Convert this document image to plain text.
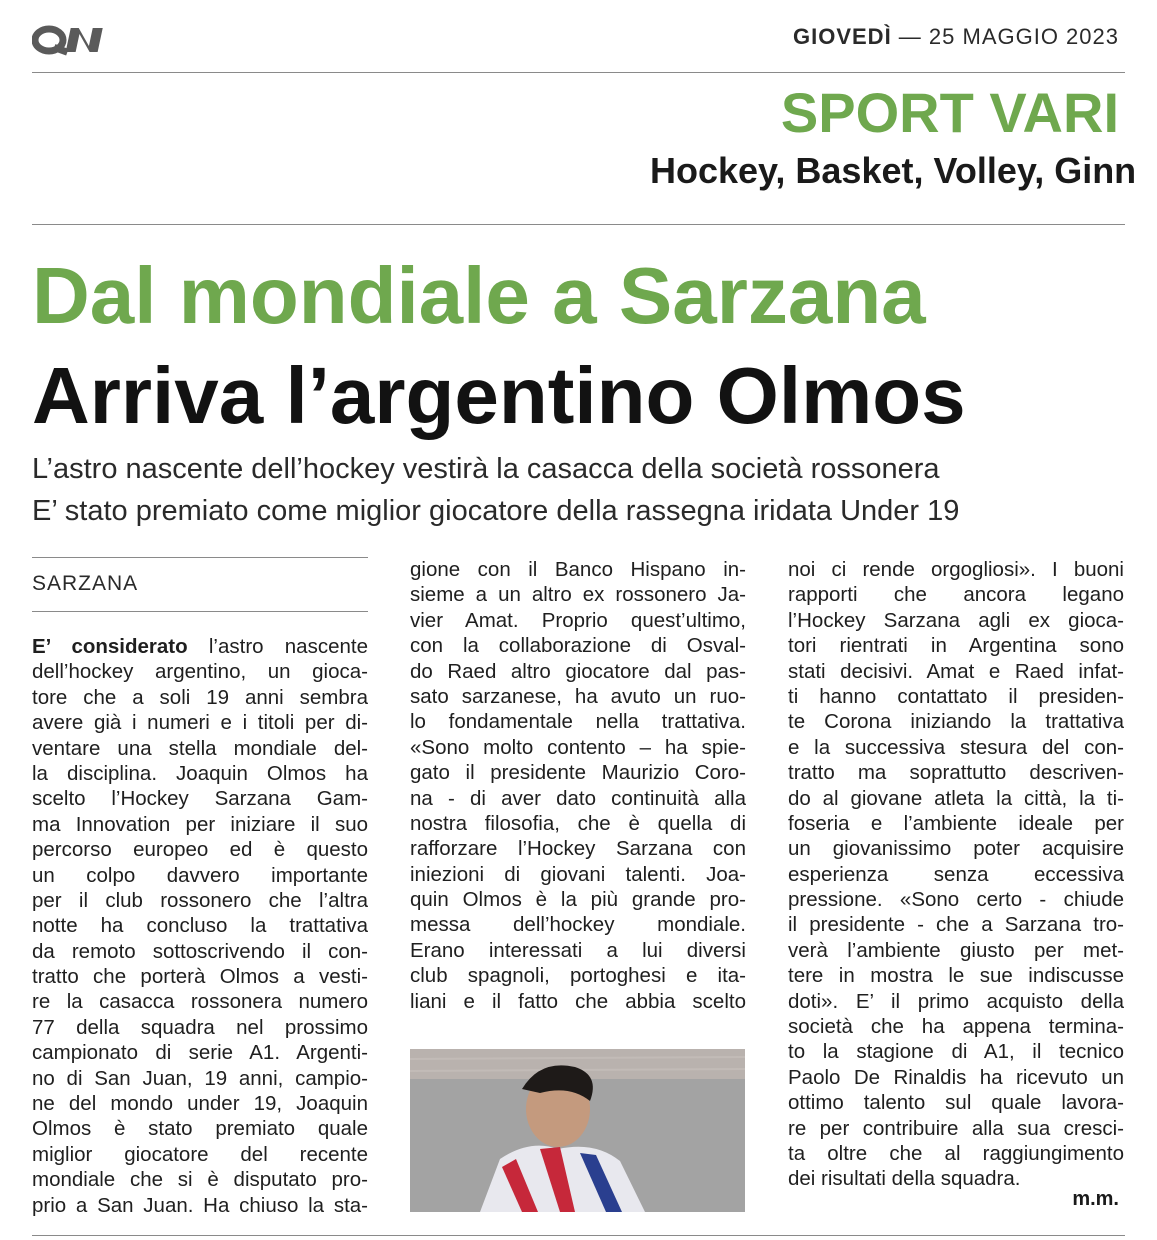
GIOVEDÌ — 25 MAGGIO 2023
SPORT VARI
Hockey, Basket, Volley, Ginn
Dal mondiale a Sarzana
Arriva l’argentino Olmos
L’astro nascente dell’hockey vestirà la casacca della società rossonera
E’ stato premiato come miglior giocatore della rassegna iridata Under 19
SARZANA
E’ considerato l’astro nascente
dell’hockey argentino, un gioca-
tore che a soli 19 anni sembra
avere già i numeri e i titoli per di-
ventare una stella mondiale del-
la disciplina. Joaquin Olmos ha
scelto l’Hockey Sarzana Gam-
ma Innovation per iniziare il suo
percorso europeo ed è questo
un colpo davvero importante
per il club rossonero che l’altra
notte ha concluso la trattativa
da remoto sottoscrivendo il con-
tratto che porterà Olmos a vesti-
re la casacca rossonera numero
77 della squadra nel prossimo
campionato di serie A1. Argenti-
no di San Juan, 19 anni, campio-
ne del mondo under 19, Joaquin
Olmos è stato premiato quale
miglior giocatore del recente
mondiale che si è disputato pro-
prio a San Juan. Ha chiuso la sta-
gione con il Banco Hispano in-
sieme a un altro ex rossonero Ja-
vier Amat. Proprio quest’ultimo,
con la collaborazione di Osval-
do Raed altro giocatore dal pas-
sato sarzanese, ha avuto un ruo-
lo fondamentale nella trattativa.
«Sono molto contento – ha spie-
gato il presidente Maurizio Coro-
na - di aver dato continuità alla
nostra filosofia, che è quella di
rafforzare l’Hockey Sarzana con
iniezioni di giovani talenti. Joa-
quin Olmos è la più grande pro-
messa dell’hockey mondiale.
Erano interessati a lui diversi
club spagnoli, portoghesi e ita-
liani e il fatto che abbia scelto
noi ci rende orgogliosi». I buoni
rapporti che ancora legano
l’Hockey Sarzana agli ex gioca-
tori rientrati in Argentina sono
stati decisivi. Amat e Raed infat-
ti hanno contattato il presiden-
te Corona iniziando la trattativa
e la successiva stesura del con-
tratto ma soprattutto descriven-
do al giovane atleta la città, la ti-
foseria e l’ambiente ideale per
un giovanissimo poter acquisire
esperienza senza eccessiva
pressione. «Sono certo - chiude
il presidente - che a Sarzana tro-
verà l’ambiente giusto per met-
tere in mostra le sue indiscusse
doti». E’ il primo acquisto della
società che ha appena termina-
to la stagione di A1, il tecnico
Paolo De Rinaldis ha ricevuto un
ottimo talento sul quale lavora-
re per contribuire alla sua cresci-
ta oltre che al raggiungimento
dei risultati della squadra.
m.m.
